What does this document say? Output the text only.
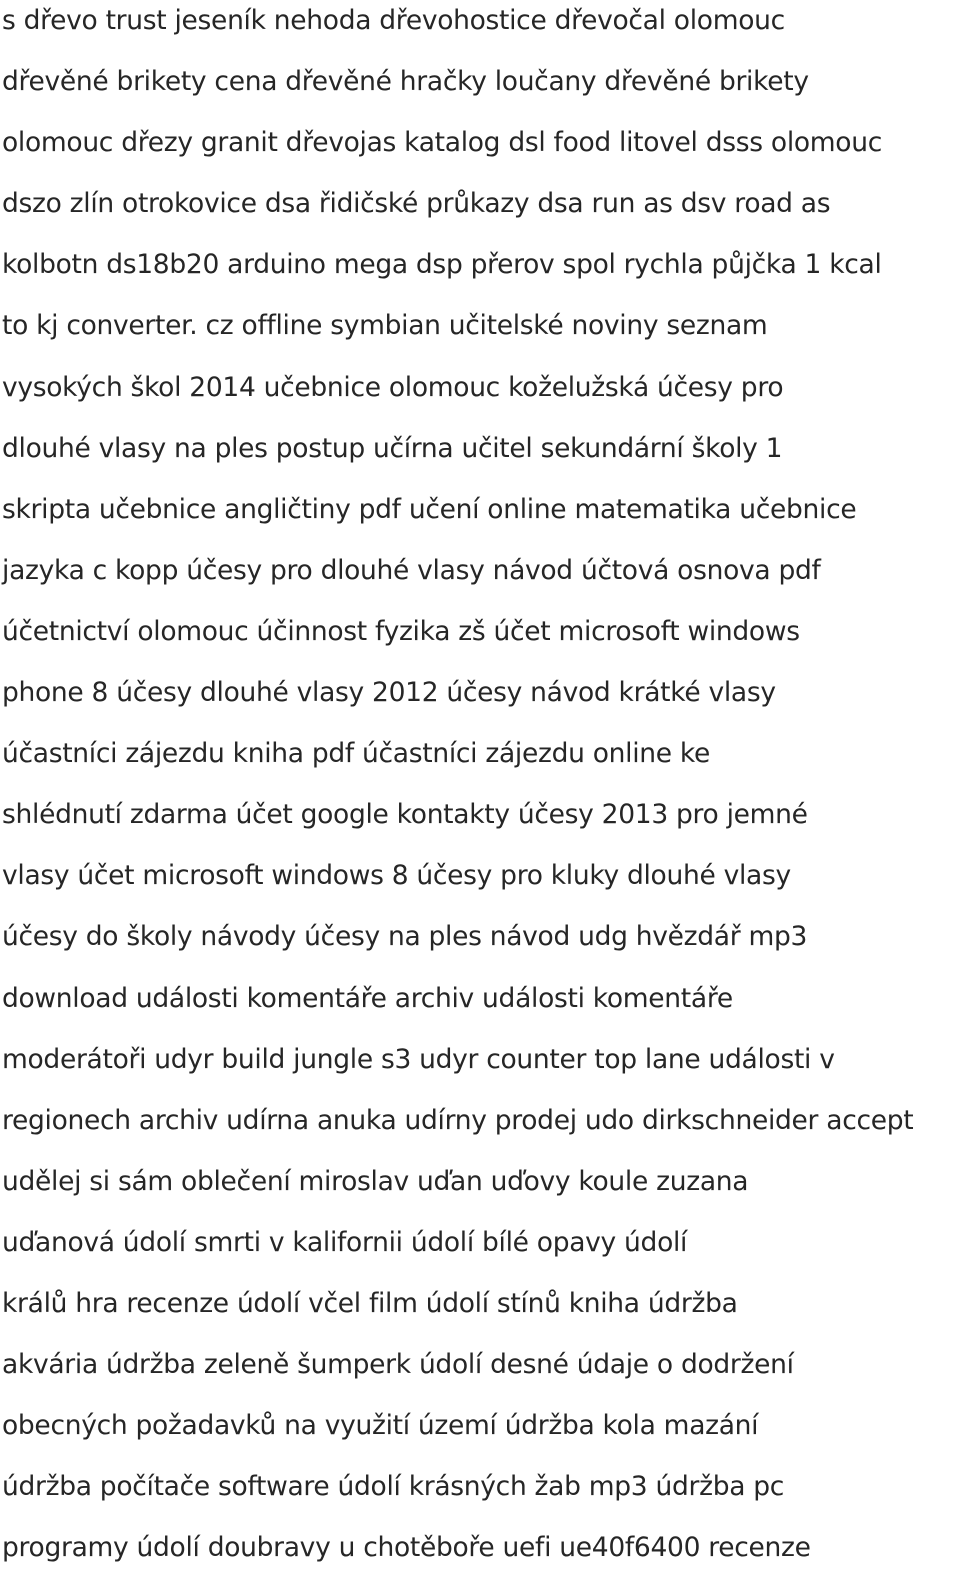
s dřevo trust jeseník nehoda dřevohostice dřevočal olomouc
dřevěné brikety cena dřevěné hračky loučany dřevěné brikety
olomouc dřezy granit dřevojas katalog dsl food litovel dsss olomouc
dszo zlín otrokovice dsa řidičské průkazy dsa run as dsv road as
kolbotn ds18b20 arduino mega dsp přerov spol rychla půjčka 1 kcal
to kj converter. cz offline symbian učitelské noviny seznam
vysokých škol 2014 učebnice olomouc koželužská účesy pro
dlouhé vlasy na ples postup učírna učitel sekundární školy 1
skripta učebnice angličtiny pdf učení online matematika učebnice
jazyka c kopp účesy pro dlouhé vlasy návod účtová osnova pdf
účetnictví olomouc účinnost fyzika zš účet microsoft windows
phone 8 účesy dlouhé vlasy 2012 účesy návod krátké vlasy
účastníci zájezdu kniha pdf účastníci zájezdu online ke
shlédnutí zdarma účet google kontakty účesy 2013 pro jemné
vlasy účet microsoft windows 8 účesy pro kluky dlouhé vlasy
účesy do školy návody účesy na ples návod udg hvězdář mp3
download události komentáře archiv události komentáře
moderátoři udyr build jungle s3 udyr counter top lane události v
regionech archiv udírna anuka udírny prodej udo dirkschneider accept
udělej si sám oblečení miroslav uďan uďovy koule zuzana
uďanová údolí smrti v kalifornii údolí bílé opavy údolí
králů hra recenze údolí včel film údolí stínů kniha údržba
akvária údržba zeleně šumperk údolí desné údaje o dodržení
obecných požadavků na využití území údržba kola mazání
údržba počítače software údolí krásných žab mp3 údržba pc
programy údolí doubravy u chotěboře uefi ue40f6400 recenze
